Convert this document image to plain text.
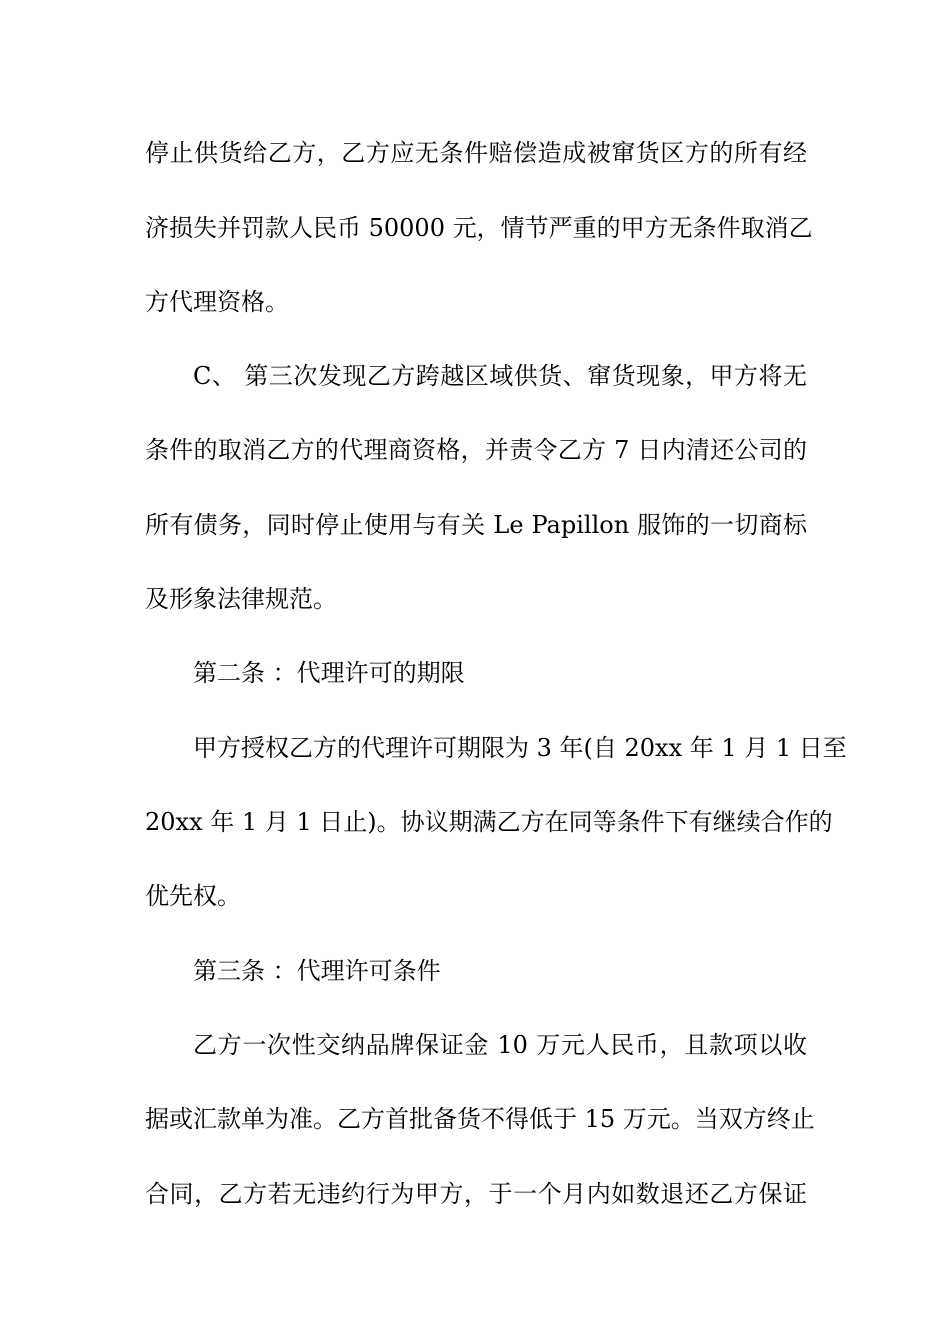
停止供货给乙方，乙方应无条件赔偿造成被窜货区方的所有经
济损失并罚款人民币 50000 元，情节严重的甲方无条件取消乙
方代理资格。
C、 第三次发现乙方跨越区域供货、窜货现象，甲方将无
条件的取消乙方的代理商资格，并责令乙方 7 日内清还公司的
所有债务，同时停止使用与有关 Le Papillon 服饰的一切商标
及形象法律规范。
第二条 ：代理许可的期限
甲方授权乙方的代理许可期限为 3 年(自 20xx 年 1 月 1 日至
20xx 年 1 月 1 日止)。协议期满乙方在同等条件下有继续合作的
优先权。
第三条 ：代理许可条件
乙方一次性交纳品牌保证金 10 万元人民币，且款项以收
据或汇款单为准。乙方首批备货不得低于 15 万元。当双方终止
合同，乙方若无违约行为甲方，于一个月内如数退还乙方保证
